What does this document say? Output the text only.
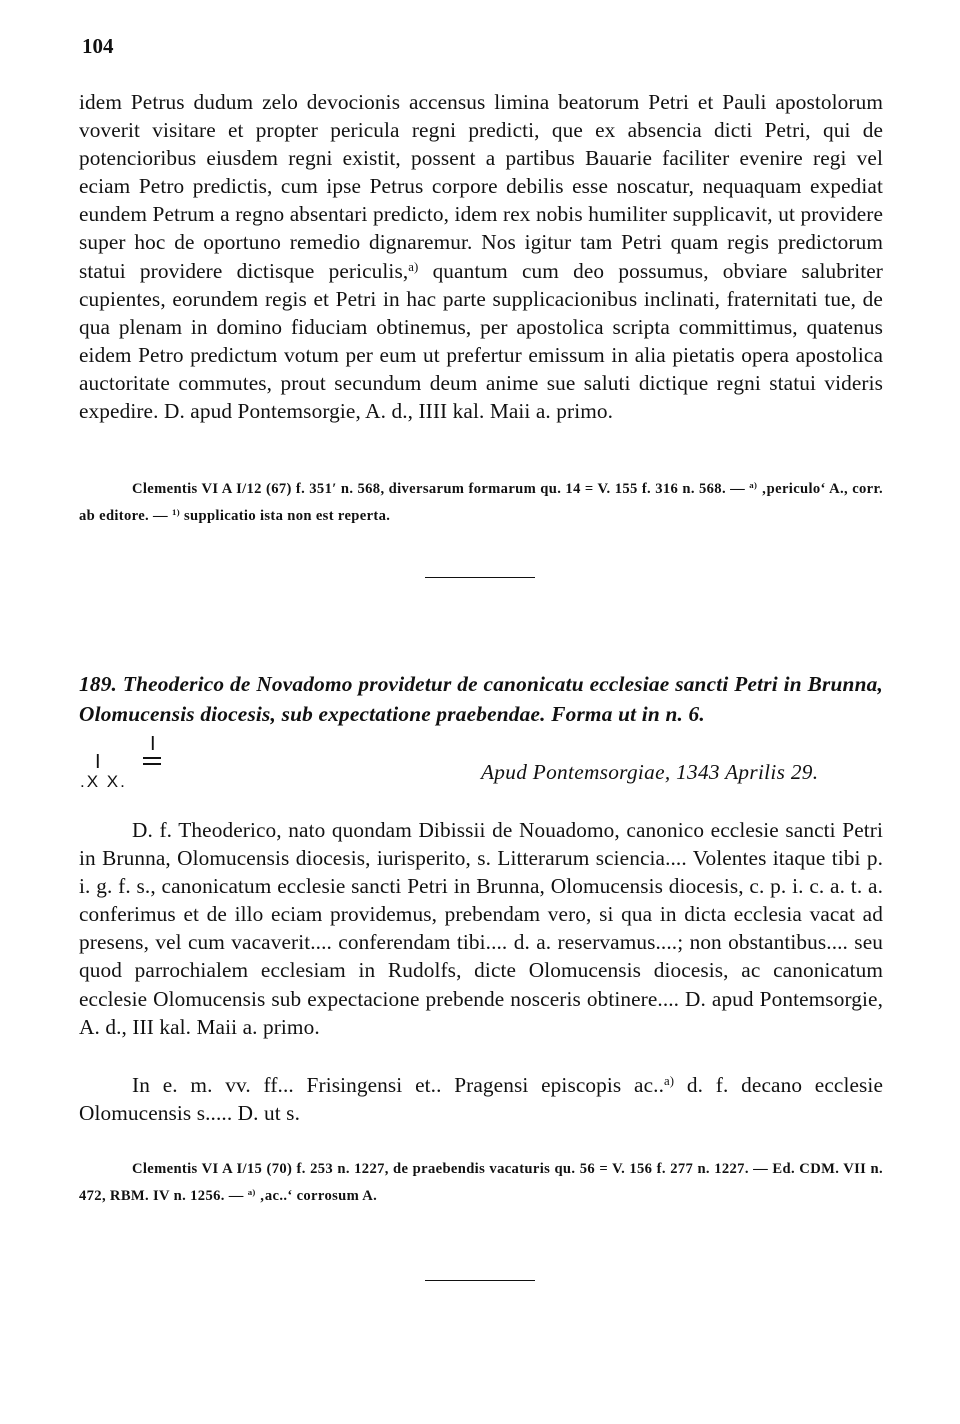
104
idem Petrus dudum zelo devocionis accensus limina beatorum Petri et Pauli apostolorum voverit visitare et propter pericula regni predicti, que ex absencia dicti Petri, qui de potencioribus eiusdem regni existit, possent a partibus Bauarie faciliter evenire regi vel eciam Petro predictis, cum ipse Petrus corpore debilis esse noscatur, nequaquam expediat eundem Petrum a regno absentari predicto, idem rex nobis humiliter supplicavit, ut providere super hoc de oportuno remedio dignaremur. Nos igitur tam Petri quam regis predictorum statui providere dictisque periculis,$^{a)}$ quantum cum deo possumus, obviare salubriter cupientes, eorundem regis et Petri in hac parte supplicacionibus inclinati, fraternitati tue, de qua plenam in domino fiduciam obtinemus, per apostolica scripta committimus, quatenus eidem Petro predictum votum per eum ut prefertur emissum in alia pietatis opera apostolica auctoritate commutes, prout secundum deum anime sue saluti dictique regni statui videris expedire. D. apud Pontemsorgie, A. d., IIII kal. Maii a. primo.
Clementis VI A I/12 (67) f. 351′ n. 568, diversarum formarum qu. 14 = V. 155 f. 316 n. 568. — $^{a)}$ ‚periculo‘ A., corr. ab editore. — $^{1)}$ supplicatio ista non est reperta.
189. Theoderico de Novadomo providetur de canonicatu ecclesiae sancti Petri in Brunna, Olomucensis diocesis, sub expectatione praebendae. Forma ut in n. 6.
I
I
.X X.	Apud Pontemsorgiae, 1343 Aprilis 29.
D. f. Theoderico, nato quondam Dibissii de Nouadomo, canonico ecclesie sancti Petri in Brunna, Olomucensis diocesis, iurisperito, s. Litterarum sciencia.... Volentes itaque tibi p. i. g. f. s., canonicatum ecclesie sancti Petri in Brunna, Olomucensis diocesis, c. p. i. c. a. t. a. conferimus et de illo eciam providemus, prebendam vero, si qua in dicta ecclesia vacat ad presens, vel cum vacaverit.... conferendam tibi.... d. a. reservamus....; non obstantibus.... seu quod parrochialem ecclesiam in Rudolfs, dicte Olomucensis diocesis, ac canonicatum ecclesie Olomucensis sub expectacione prebende nosceris obtinere.... D. apud Pontemsorgie, A. d., III kal. Maii a. primo.
In e. m. vv. ff... Frisingensi et.. Pragensi episcopis ac..$^{a)}$ d. f. decano ecclesie Olomucensis s..... D. ut s.
Clementis VI A I/15 (70) f. 253 n. 1227, de praebendis vacaturis qu. 56 = V. 156 f. 277 n. 1227. — Ed. CDM. VII n. 472, RBM. IV n. 1256. — $^{a)}$ ‚ac..‘ corrosum A.
